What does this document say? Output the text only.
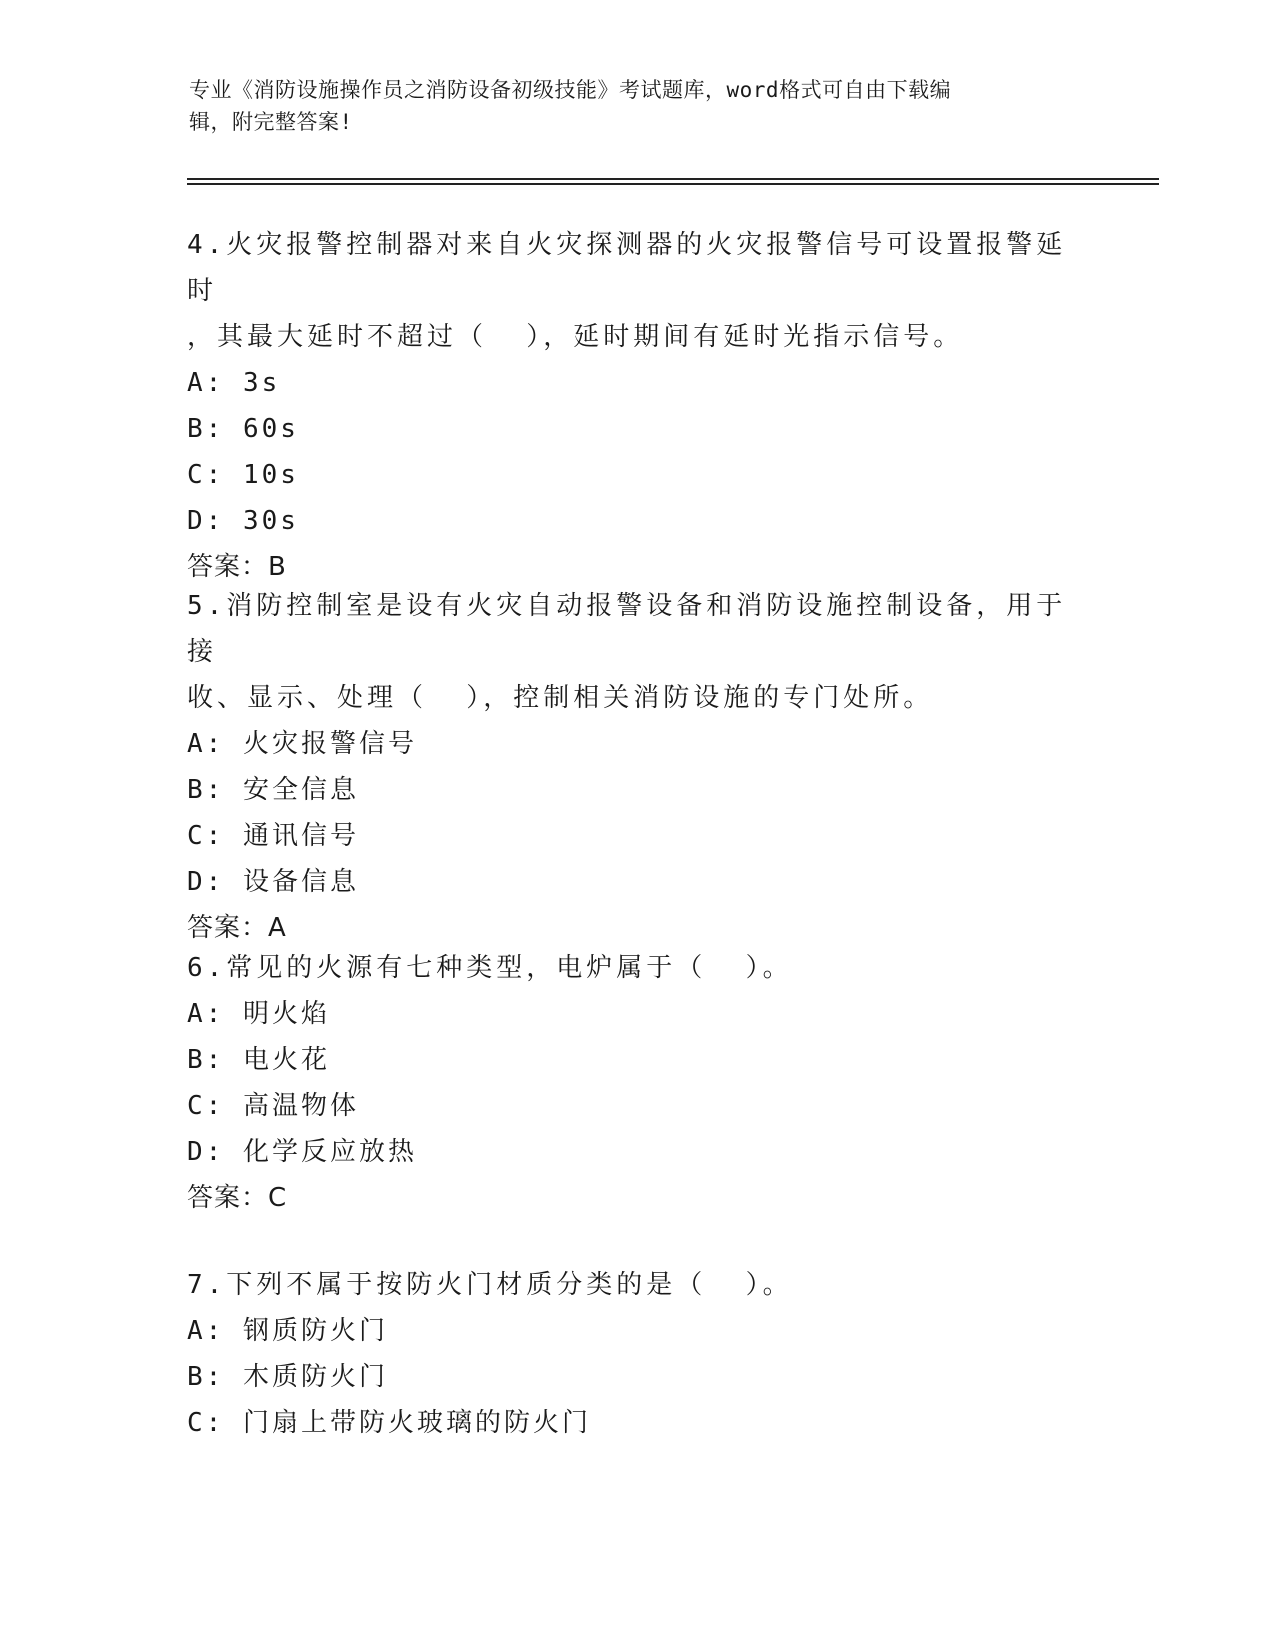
专业《消防设施操作员之消防设备初级技能》考试题库，word格式可自由下载编
辑，附完整答案!

4.火灾报警控制器对来自火灾探测器的火灾报警信号可设置报警延时

，其最大延时不超过（  ），延时期间有延时光指示信号。

A: 3s

B: 60s

C: 10s

D: 30s

答案：B

5.消防控制室是设有火灾自动报警设备和消防设施控制设备，用于接

收、显示、处理（  ），控制相关消防设施的专门处所。

A: 火灾报警信号

B: 安全信息

C: 通讯信号

D: 设备信息

答案：A

6.常见的火源有七种类型，电炉属于（  ）。

A: 明火焰

B: 电火花

C: 高温物体

D: 化学反应放热

答案：C

7.下列不属于按防火门材质分类的是（  ）。

A: 钢质防火门

B: 木质防火门

C: 门扇上带防火玻璃的防火门
